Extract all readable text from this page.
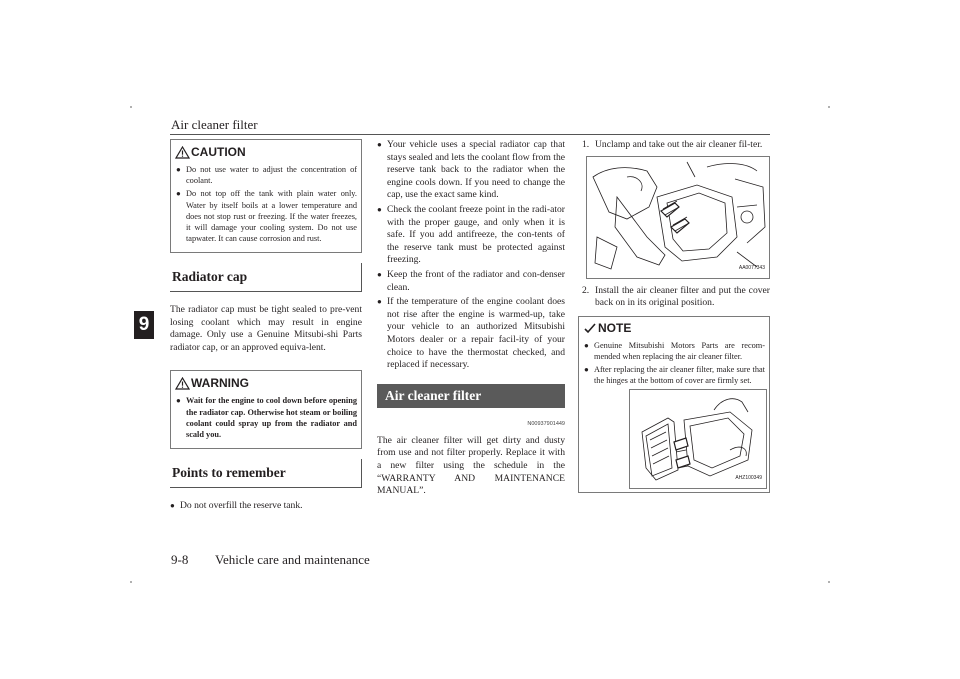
Air cleaner filter
9-8 Vehicle care and maintenance
9
CAUTION
● Do not use water to adjust the concentration of coolant.
● Do not top off the tank with plain water only. Water by itself boils at a lower temperature and does not stop rust or freezing. If the water freezes, it will damage your cooling system. Do not use tapwater. It can cause corrosion and rust.
Radiator cap

The radiator cap must be tight sealed to pre-vent losing coolant which may result in engine damage. Only use a Genuine Mitsubi-shi Parts radiator cap, or an approved equiva-lent.

WARNING
● Wait for the engine to cool down before opening the radiator cap. Otherwise hot steam or boiling coolant could spray up from the radiator and scald you.
Points to remember
● Do not overfill the reserve tank.
● Your vehicle uses a special radiator cap that stays sealed and lets the coolant flow from the reserve tank back to the radiator when the engine cools down. If you need to change the cap, use the exact same kind.
● Check the coolant freeze point in the radi-ator with the proper gauge, and only when it is safe. If you add antifreeze, the con-tents of the reserve tank must be protected against freezing.
● Keep the front of the radiator and con-denser clean.
● If the temperature of the engine coolant does not rise after the engine is warmed-up, take your vehicle to an authorized Mitsubishi Motors dealer or a repair facil-ity of your choice to have the thermostat checked, and replaced if necessary.
Air cleaner filter
N00937901449

The air cleaner filter will get dirty and dusty from use and not filter properly. Replace it with a new filter using the schedule in the “WARRANTY AND MAINTENANCE MANUAL”.

1. Unclamp and take out the air cleaner fil-ter.
AA0077343
2. Install the air cleaner filter and put the cover back on in its original position.
NOTE
● Genuine Mitsubishi Motors Parts are recom-mended when replacing the air cleaner filter.
● After replacing the air cleaner filter, make sure that the hinges at the bottom of cover are firmly set.
AHZ100349
